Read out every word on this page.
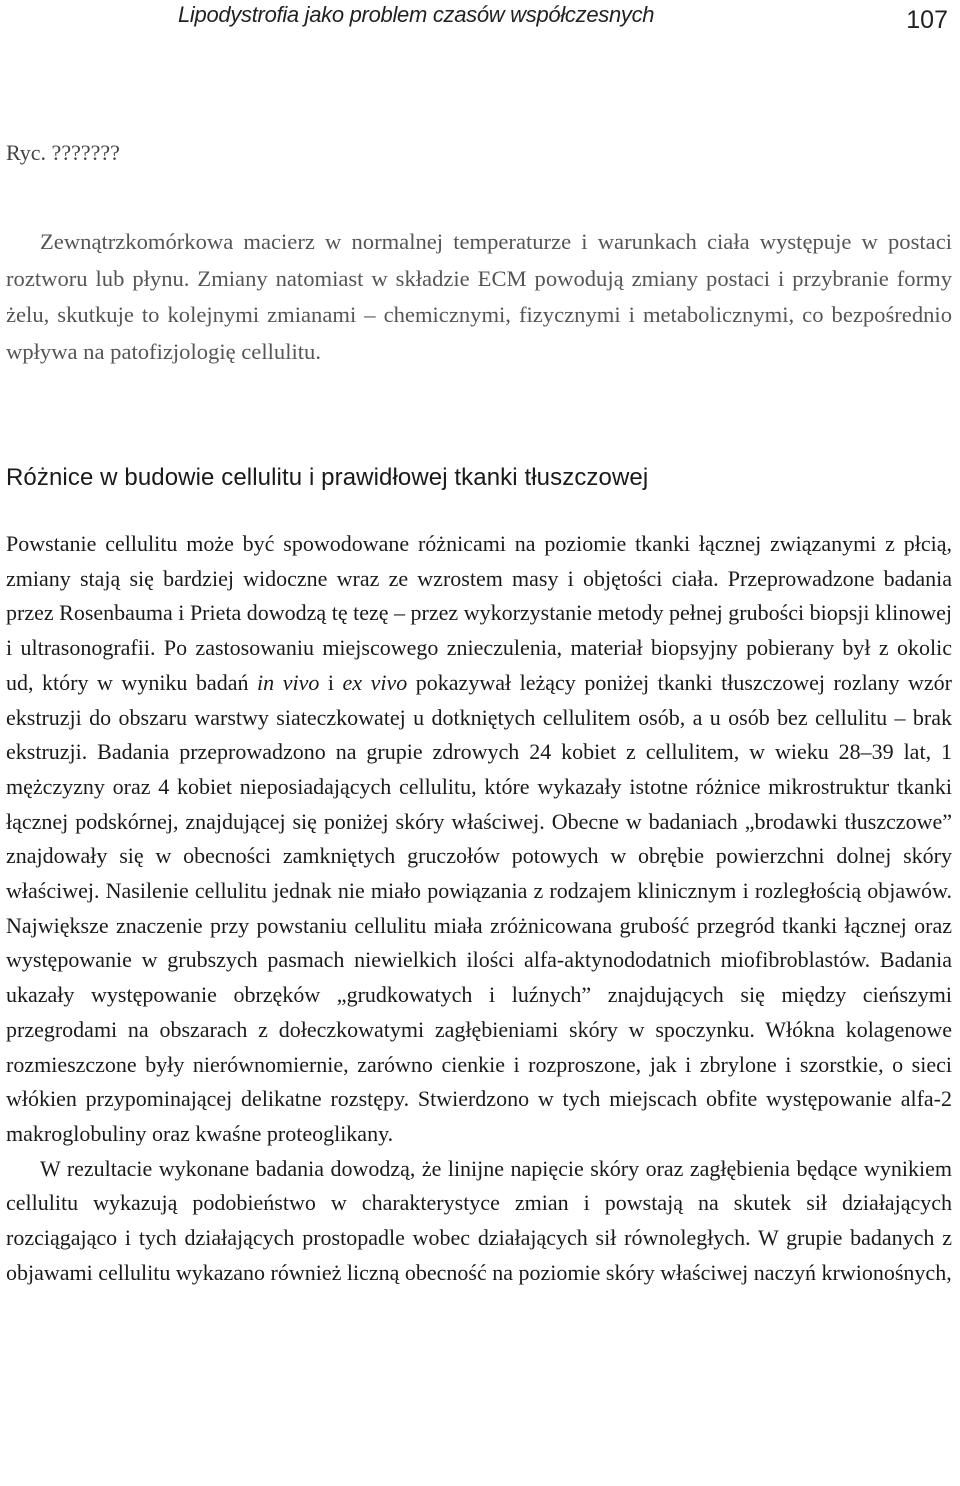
Lipodystrofia jako problem czasów współczesnych	107
Ryc. ???????

Zewnątrzkomórkowa macierz w normalnej temperaturze i warunkach ciała występuje w postaci roztworu lub płynu. Zmiany natomiast w składzie ECM powodują zmiany postaci i przybranie formy żelu, skutkuje to kolejnymi zmianami – chemicznymi, fizycznymi i metabolicznymi, co bezpośrednio wpływa na patofizjologię cellulitu.

Różnice w budowie cellulitu i prawidłowej tkanki tłuszczowej

Powstanie cellulitu może być spowodowane różnicami na poziomie tkanki łącznej związanymi z płcią, zmiany stają się bardziej widoczne wraz ze wzrostem masy i objętości ciała. Przeprowadzone badania przez Rosenbauma i Prieta dowodzą tę tezę – przez wykorzystanie metody pełnej grubości biopsji klinowej i ultrasonografii. Po zastosowaniu miejscowego znieczulenia, materiał biopsyjny pobierany był z okolic ud, który w wyniku badań in vivo i ex vivo pokazywał leżący poniżej tkanki tłuszczowej rozlany wzór ekstruzji do obszaru warstwy siateczkowatej u dotkniętych cellulitem osób, a u osób bez cellulitu – brak ekstruzji. Badania przeprowadzono na grupie zdrowych 24 kobiet z cellulitem, w wieku 28–39 lat, 1 mężczyzny oraz 4 kobiet nieposiadających cellulitu, które wykazały istotne różnice mikrostruktur tkanki łącznej podskórnej, znajdującej się poniżej skóry właściwej. Obecne w badaniach „brodawki tłuszczowe” znajdowały się w obecności zamkniętych gruczołów potowych w obrębie powierzchni dolnej skóry właściwej. Nasilenie cellulitu jednak nie miało powiązania z rodzajem klinicznym i rozległością objawów. Największe znaczenie przy powstaniu cellulitu miała zróżnicowana grubość przegród tkanki łącznej oraz występowanie w grubszych pasmach niewielkich ilości alfa-aktynododatnich miofibroblastów. Badania ukazały występowanie obrzęków „grudkowatych i luźnych” znajdujących się między cieńszymi przegrodami na obszarach z dołeczkowatymi zagłębieniami skóry w spoczynku. Włókna kolagenowe rozmieszczone były nierównomiernie, zarówno cienkie i rozproszone, jak i zbrylone i szorstkie, o sieci włókien przypominającej delikatne rozstępy. Stwierdzono w tych miejscach obfite występowanie alfa-2 makroglobuliny oraz kwaśne proteoglikany.

W rezultacie wykonane badania dowodzą, że linijne napięcie skóry oraz zagłębienia będące wynikiem cellulitu wykazują podobieństwo w charakterystyce zmian i powstają na skutek sił działających rozciągająco i tych działających prostopadle wobec działających sił równoległych. W grupie badanych z objawami cellulitu wykazano również liczną obecność na poziomie skóry właściwej naczyń krwionośnych,
